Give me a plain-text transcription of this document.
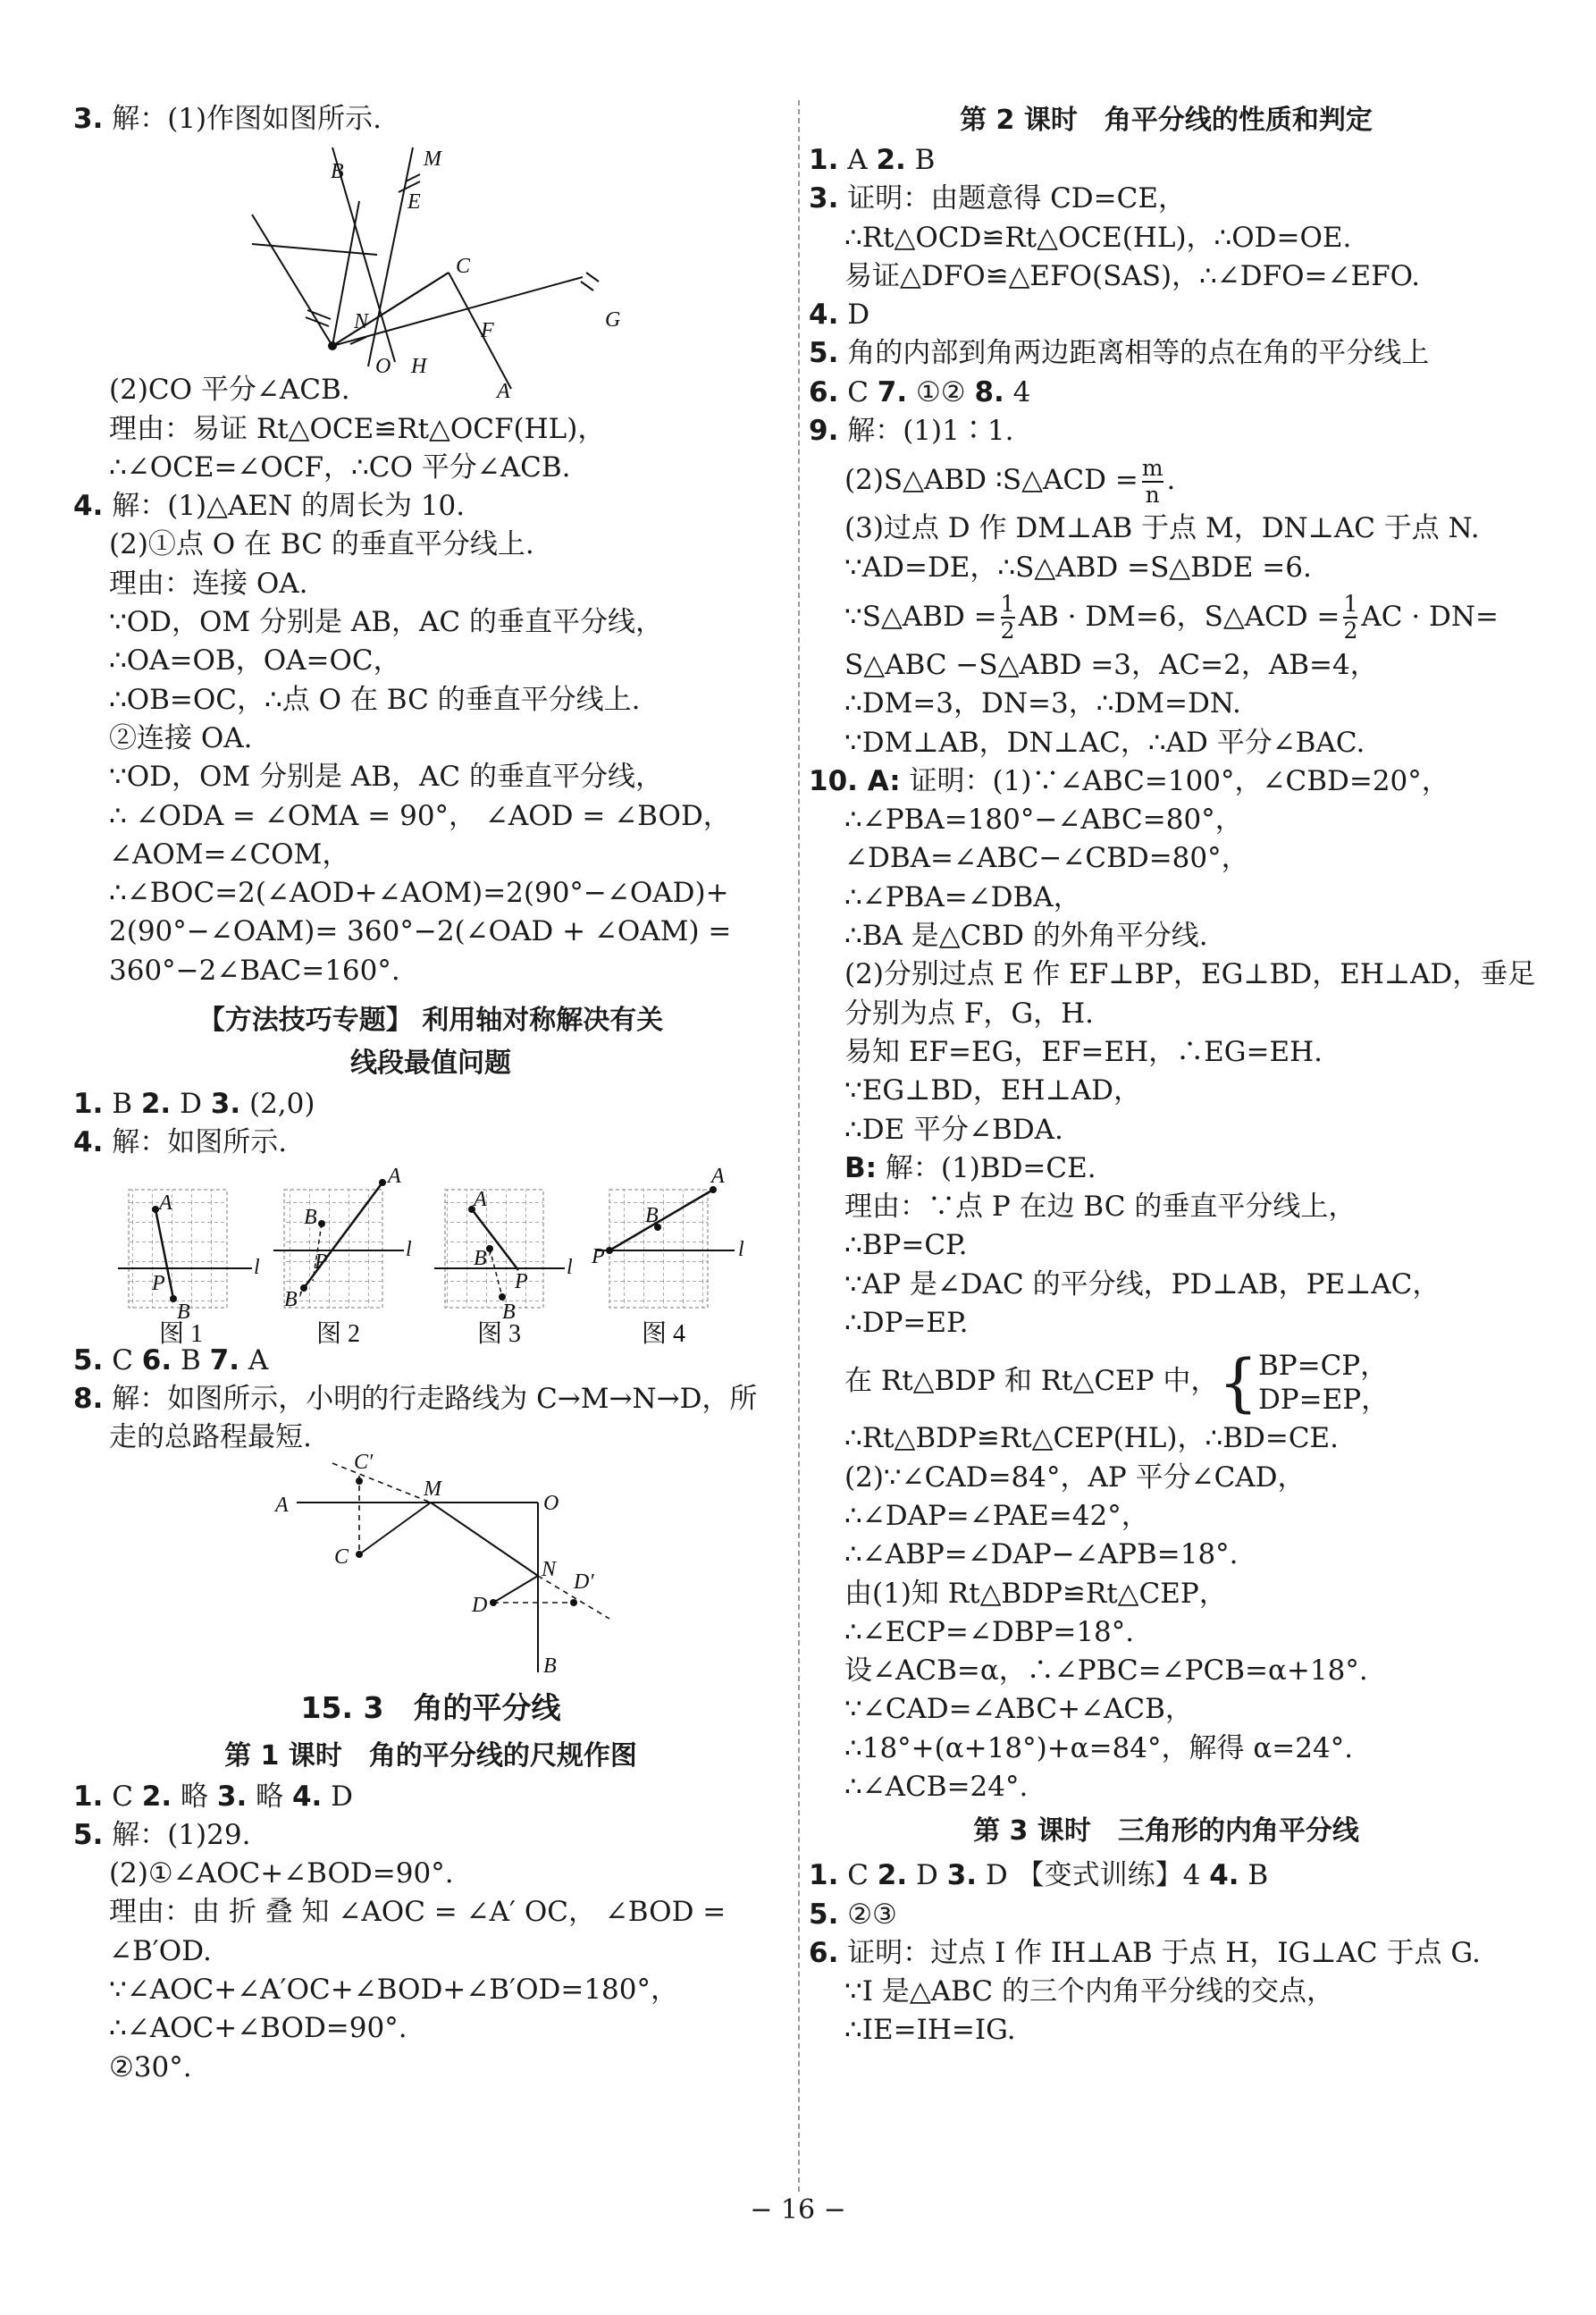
3. 解：(1)作图如图所示.
B
M
E
C
N	G
F
O H
A
(2)CO 平分∠ACB.
理由：易证 Rt△OCE≌Rt△OCF(HL)，
∴∠OCE=∠OCF，∴CO 平分∠ACB.
4. 解：(1)△AEN 的周长为 10.
(2)①点 O 在 BC 的垂直平分线上.
理由：连接 OA.
∵OD，OM 分别是 AB，AC 的垂直平分线，
∴OA=OB，OA=OC，
∴OB=OC，∴点 O 在 BC 的垂直平分线上.
②连接 OA.
∵OD，OM 分别是 AB，AC 的垂直平分线，
∴ ∠ODA = ∠OMA = 90°， ∠AOD = ∠BOD，
∠AOM=∠COM，
∴∠BOC=2(∠AOD+∠AOM)=2(90°−∠OAD)+
2(90°−∠OAM)= 360°−2(∠OAD + ∠OAM) =
360°−2∠BAC=160°.
【方法技巧专题】 利用轴对称解决有关
线段最值问题
1. B 2. D 3. (2,0)
4. 解：如图所示.
A
P
B
l
B
A
B′
P
l
A
B′
P
B
l
B
A
P	l
图 1	图 2	图 3	图 4
5. C 6. B 7. A
8. 解：如图所示，小明的行走路线为 C→M→N→D，所
走的总路程最短.
C′
A
M
O
C
N
D′
D
B
15. 3　角的平分线
第 1 课时　角的平分线的尺规作图
1. C 2. 略 3. 略 4. D
5. 解：(1)29.
(2)①∠AOC+∠BOD=90°.
理由：由 折 叠 知 ∠AOC = ∠A′ OC， ∠BOD =
∠B′OD.
∵∠AOC+∠A′OC+∠BOD+∠B′OD=180°，
∴∠AOC+∠BOD=90°.
②30°.
第 2 课时　角平分线的性质和判定
1. A 2. B
3. 证明：由题意得 CD=CE，
∴Rt△OCD≌Rt△OCE(HL)，∴OD=OE.
易证△DFO≌△EFO(SAS)，∴∠DFO=∠EFO.
4. D
5. 角的内部到角两边距离相等的点在角的平分线上
6. C 7. ①② 8. 4
9. 解：(1)1∶1.
(2)S△ABD ∶S△ACD = $\frac{m}{n}$ .
(3)过点 D 作 DM⊥AB 于点 M，DN⊥AC 于点 N.
∵AD=DE，∴S△ABD =S△BDE =6.
∵S△ABD = $\frac{1}{2}$ AB · DM=6，S△ACD = $\frac{1}{2}$ AC · DN=
S△ABC −S△ABD =3，AC=2，AB=4，
∴DM=3，DN=3，∴DM=DN.
∵DM⊥AB，DN⊥AC，∴AD 平分∠BAC.
10. A: 证明：(1)∵∠ABC=100°，∠CBD=20°，
∴∠PBA=180°−∠ABC=80°，
∠DBA=∠ABC−∠CBD=80°，
∴∠PBA=∠DBA，
∴BA 是△CBD 的外角平分线.
(2)分别过点 E 作 EF⊥BP，EG⊥BD，EH⊥AD，垂足
分别为点 F，G，H.
易知 EF=EG，EF=EH，∴EG=EH.
∵EG⊥BD，EH⊥AD，
∴DE 平分∠BDA.
B: 解：(1)BD=CE.
理由：∵点 P 在边 BC 的垂直平分线上，
∴BP=CP.
∵AP 是∠DAC 的平分线，PD⊥AB，PE⊥AC，
∴DP=EP.
在 Rt△BDP 和 Rt△CEP 中，{ BP=CP，
DP=EP，
∴Rt△BDP≌Rt△CEP(HL)，∴BD=CE.
(2)∵∠CAD=84°，AP 平分∠CAD，
∴∠DAP=∠PAE=42°，
∴∠ABP=∠DAP−∠APB=18°.
由(1)知 Rt△BDP≌Rt△CEP，
∴∠ECP=∠DBP=18°.
设∠ACB=α，∴∠PBC=∠PCB=α+18°.
∵∠CAD=∠ABC+∠ACB，
∴18°+(α+18°)+α=84°，解得 α=24°.
∴∠ACB=24°.
第 3 课时　三角形的内角平分线
1. C 2. D 3. D 【变式训练】4 4. B
5. ②③
6. 证明：过点 I 作 IH⊥AB 于点 H，IG⊥AC 于点 G.
∵I 是△ABC 的三个内角平分线的交点，
∴IE=IH=IG.
− 16 −
